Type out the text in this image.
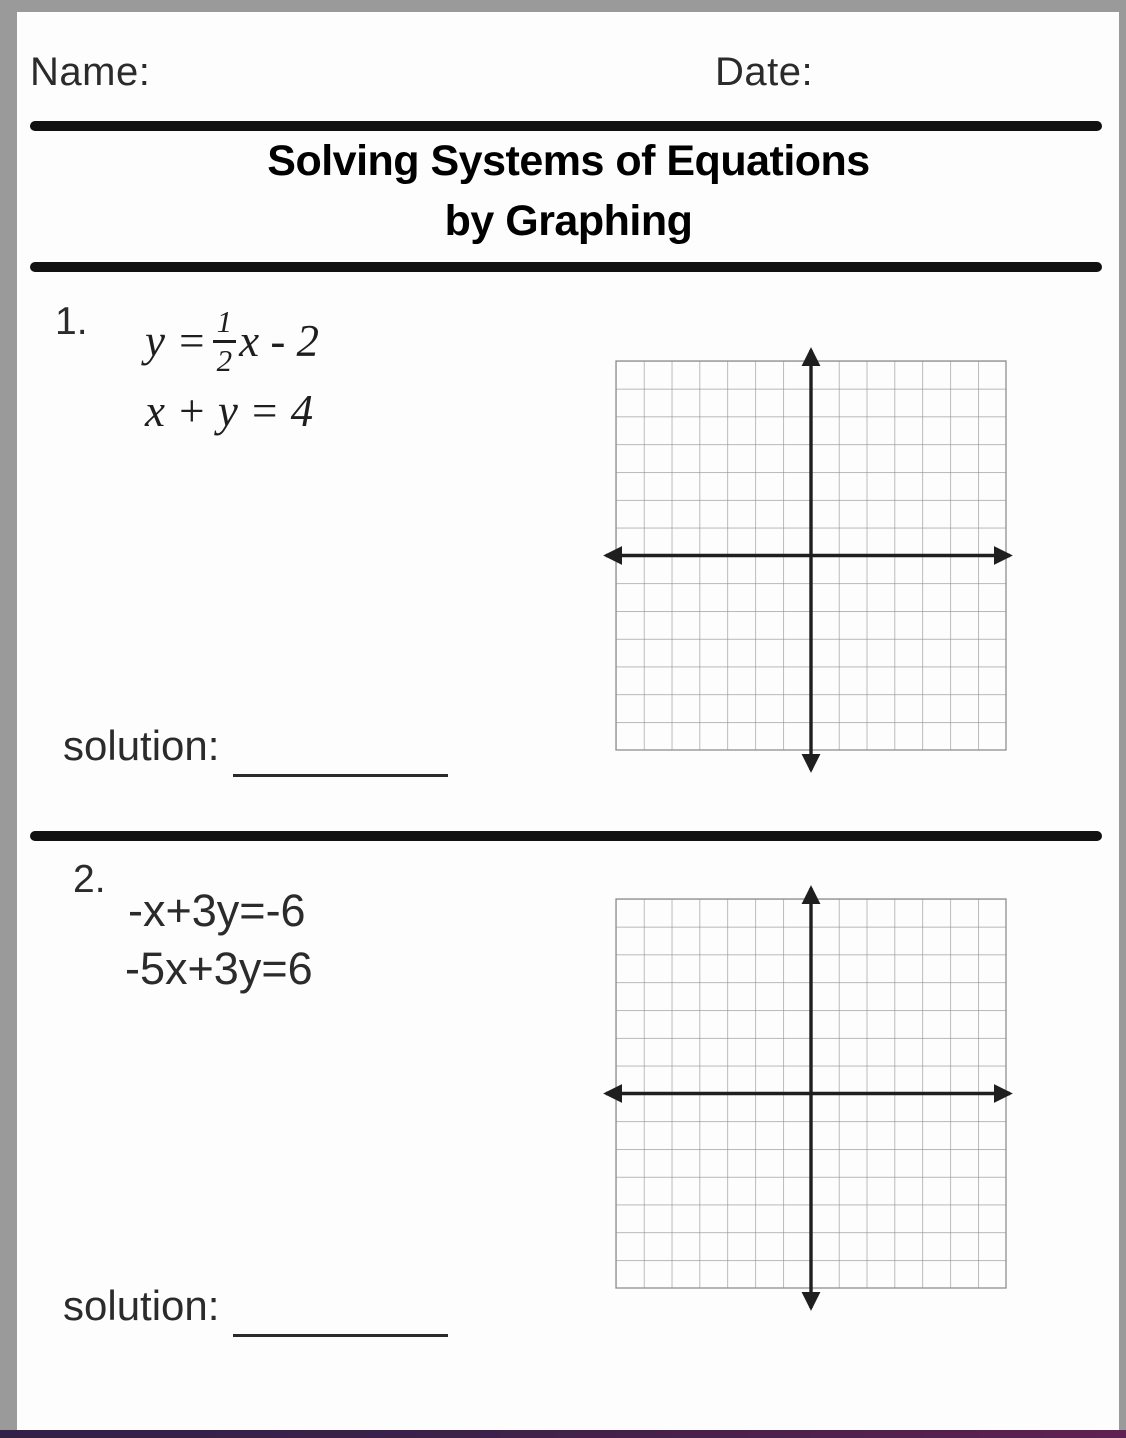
Name:	Date:
Solving Systems of Equations
by Graphing
1. $y = \frac{1}{2}$ x - 2
x + y = 4
solution:
2.
-x+3y=-6
-5x+3y=6
solution:
